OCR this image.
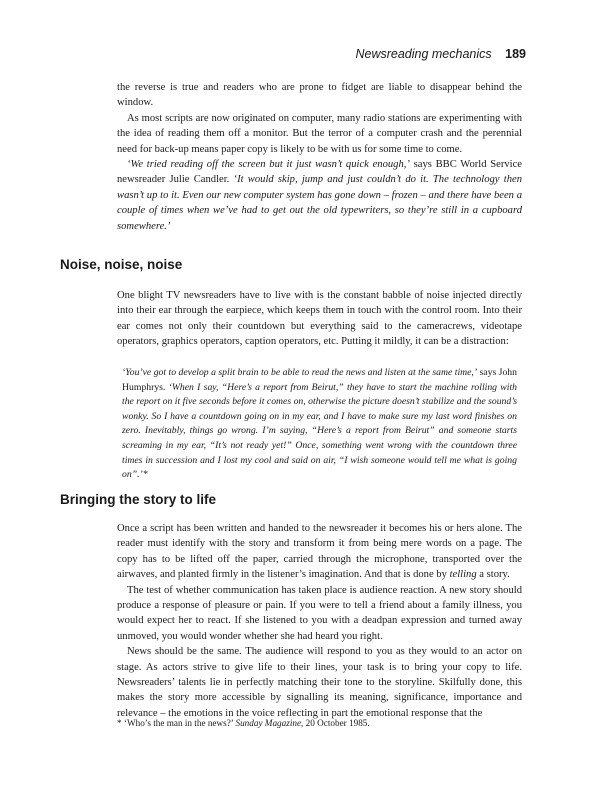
Newsreading mechanics 189

the reverse is true and readers who are prone to fidget are liable to disappear behind the window.

As most scripts are now originated on computer, many radio stations are experimenting with the idea of reading them off a monitor. But the terror of a computer crash and the perennial need for back-up means paper copy is likely to be with us for some time to come.

‘We tried reading off the screen but it just wasn’t quick enough,’ says BBC World Service newsreader Julie Candler. ‘It would skip, jump and just couldn’t do it. The technology then wasn’t up to it. Even our new computer system has gone down – frozen – and there have been a couple of times when we’ve had to get out the old typewriters, so they’re still in a cupboard somewhere.’

Noise, noise, noise

One blight TV newsreaders have to live with is the constant babble of noise injected directly into their ear through the earpiece, which keeps them in touch with the control room. Into their ear comes not only their countdown but everything said to the cameracrews, videotape operators, graphics operators, caption operators, etc. Putting it mildly, it can be a distraction:

‘You’ve got to develop a split brain to be able to read the news and listen at the same time,’ says John Humphrys. ‘When I say, “Here’s a report from Beirut,” they have to start the machine rolling with the report on it five seconds before it comes on, otherwise the picture doesn’t stabilize and the sound’s wonky. So I have a countdown going on in my ear, and I have to make sure my last word finishes on zero. Inevitably, things go wrong. I’m saying, “Here’s a report from Beirut” and someone starts screaming in my ear, “It’s not ready yet!” Once, something went wrong with the countdown three times in succession and I lost my cool and said on air, “I wish someone would tell me what is going on”.’*

Bringing the story to life

Once a script has been written and handed to the newsreader it becomes his or hers alone. The reader must identify with the story and transform it from being mere words on a page. The copy has to be lifted off the paper, carried through the microphone, transported over the airwaves, and planted firmly in the listener’s imagination. And that is done by telling a story.

The test of whether communication has taken place is audience reaction. A new story should produce a response of pleasure or pain. If you were to tell a friend about a family illness, you would expect her to react. If she listened to you with a deadpan expression and turned away unmoved, you would wonder whether she had heard you right.

News should be the same. The audience will respond to you as they would to an actor on stage. As actors strive to give life to their lines, your task is to bring your copy to life. Newsreaders’ talents lie in perfectly matching their tone to the storyline. Skilfully done, this makes the story more accessible by signalling its meaning, significance, importance and relevance – the emotions in the voice reflecting in part the emotional response that the

* ‘Who’s the man in the news?’ Sunday Magazine, 20 October 1985.
